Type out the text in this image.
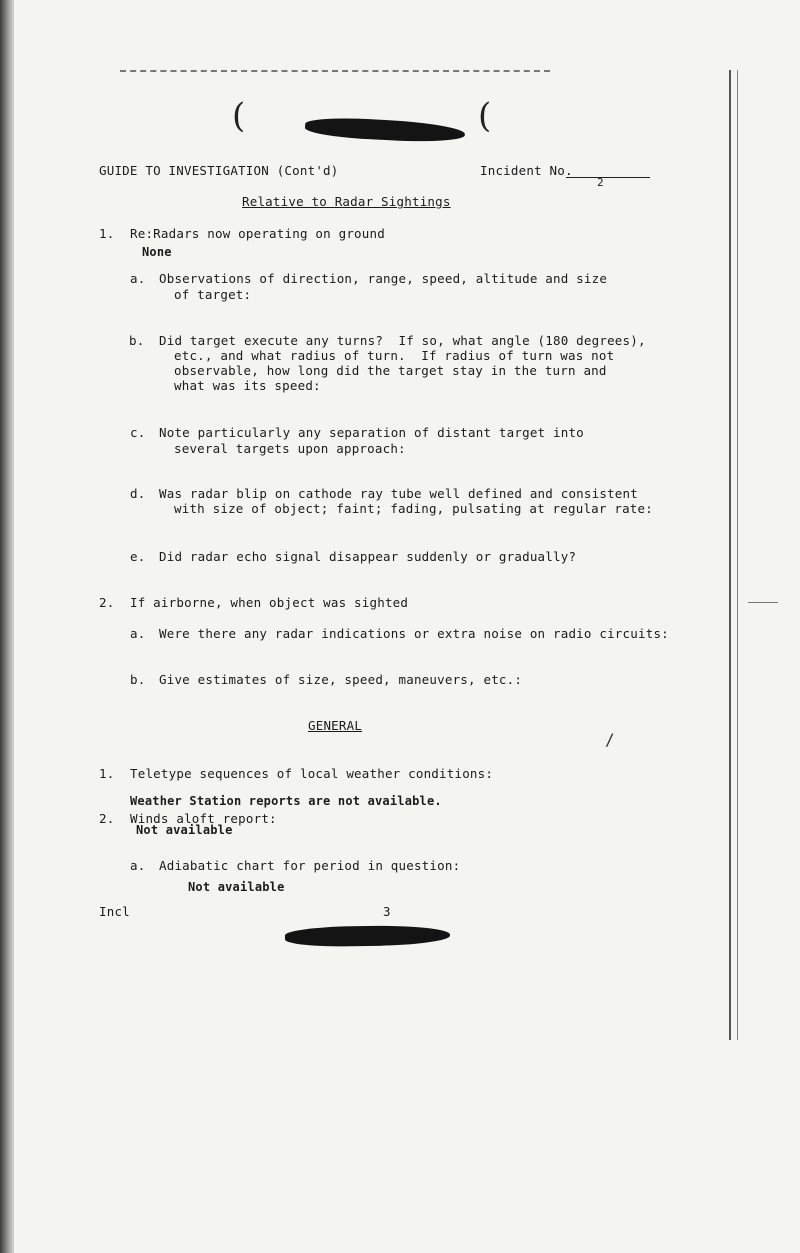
(	(
GUIDE TO INVESTIGATION (Cont'd)	Incident No.
2
Relative to Radar Sightings
1. Re:Radars now operating on ground
None
a. Observations of direction, range, speed, altitude and size
of target:
b. Did target execute any turns?  If so, what angle (180 degrees),
etc., and what radius of turn.  If radius of turn was not
observable, how long did the target stay in the turn and
what was its speed:
c. Note particularly any separation of distant target into
several targets upon approach:
d. Was radar blip on cathode ray tube well defined and consistent
with size of object; faint; fading, pulsating at regular rate:
e. Did radar echo signal disappear suddenly or gradually?
2. If airborne, when object was sighted
a. Were there any radar indications or extra noise on radio circuits:
b. Give estimates of size, speed, maneuvers, etc.:
GENERAL
1. Teletype sequences of local weather conditions:
Weather Station reports are not available.
2. Winds aloft report:
Not available
a. Adiabatic chart for period in question:
Not available
Incl	3
/
